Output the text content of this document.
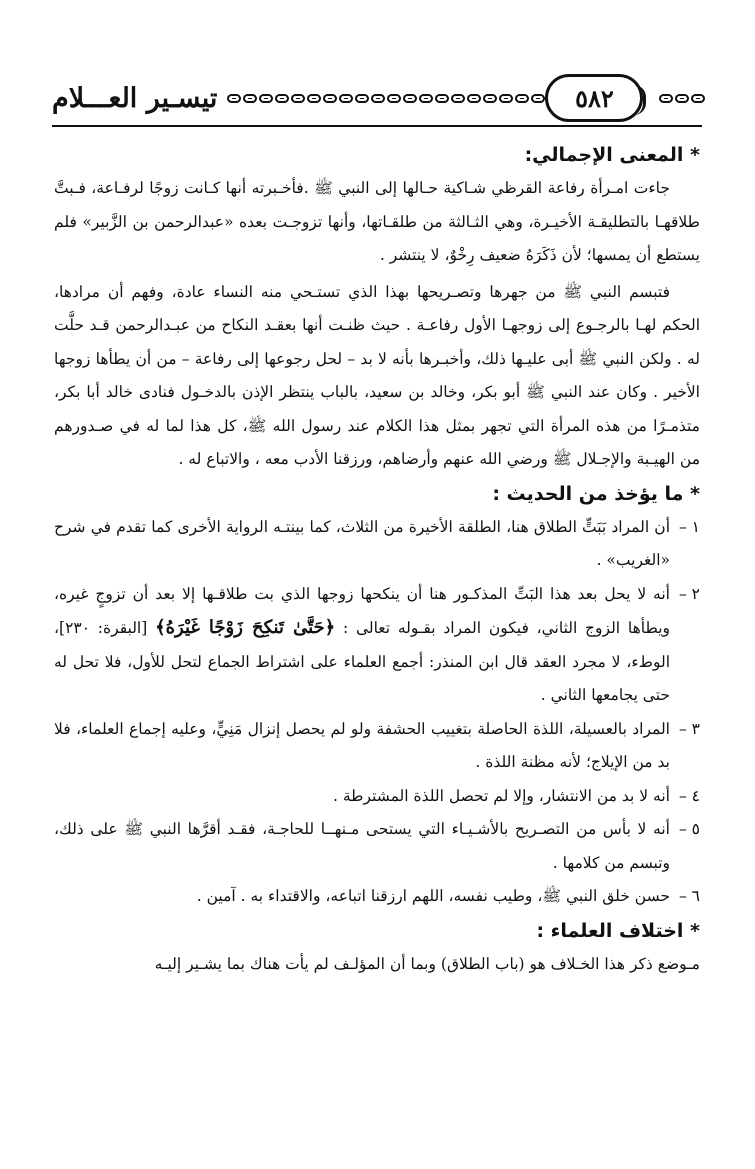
تيسـير العـــلام	٥٨٢

* المعنى الإجمالي:

جاءت امـرأة رفاعة القرظي شـاكية حـالها إلى النبي ﷺ .فأخـبرته أنها كـانت زوجًا لرفـاعة، فـبتَّ طلاقهـا بالتطليقـة الأخيـرة، وهي الثـالثة من طلقـاتها، وأنها تزوجـت بعده «عبدالرحمن بن الزَّبير» فلم يستطع أن يمسها؛ لأن ذَكَرَهُ ضعيف رِخْوٌ، لا ينتشر .

فتبسم النبي ﷺ من جهرها وتصـريحها بهذا الذي تستـحي منه النساء عادة، وفهم أن مرادها، الحكم لهـا بالرجـوع إلى زوجهـا الأول رفاعـة . حيث ظنـت أنها بعقـد النكاح من عبـدالرحمن قـد حلَّت له . ولكن النبي ﷺ أبى عليـها ذلك، وأخبـرها بأنه لا بد – لحل رجوعها إلى رفاعة – من أن يطأها زوجها الأخير . وكان عند النبي ﷺ أبو بكر، وخالد بن سعيد، بالباب ينتظر الإذن بالدخـول فنادى خالد أبا بكر، متذمـرًا من هذه المرأة التي تجهر بمثل هذا الكلام عند رسول الله ﷺ، كل هذا لما له في صـدورهم من الهيـبة والإجـلال ﷺ ورضي الله عنهم وأرضاهم، ورزقنا الأدب معه ، والاتباع له .

* ما يؤخذ من الحديث :

١ –
أن المراد بَبَتٍّ الطلاق هنا، الطلقة الأخيرة من الثلاث، كما بينتـه الرواية الأخرى كما تقدم في شرح «الغريب» .
٢ –
أنه لا يحل بعد هذا البَتِّ المذكـور هنا أن ينكحها زوجها الذي بت طلاقـها إلا بعد أن تزوجٍ غيره، ويطأها الزوج الثاني، فيكون المراد بقـوله تعالى : ﴿حَتَّىٰ تَنكِحَ زَوْجًا غَيْرَهُ﴾ [البقرة: ٢٣٠]، الوطء، لا مجرد العقد قال ابن المنذر: أجمع العلماء على اشتراط الجماع لتحل للأول، فلا تحل له حتى يجامعها الثاني .
٣ –
المراد بالعسيلة، اللذة الحاصلة بتغييب الحشفة ولو لم يحصل إنزال مَنِيٍّ، وعليه إجماع العلماء، فلا بد من الإيلاج؛ لأنه مظنة اللذة .
٤ –
أنه لا بد من الانتشار، وإلا لم تحصل اللذة المشترطة .
٥ –
أنه لا بأس من التصـريح بالأشـيـاء التي يستحى مـنهــا للحاجـة، فقـد أقرَّها النبي ﷺ على ذلك، وتبسم من كلامها .
٦ –
حسن خلق النبي ﷺ، وطيب نفسه، اللهم ارزقنا اتباعه، والاقتداء به . آمين .

* اختلاف العلماء :

مـوضع ذكر هذا الخـلاف هو (باب الطلاق) وبما أن المؤلـف لم يأت هناك بما يشـير إليـه
